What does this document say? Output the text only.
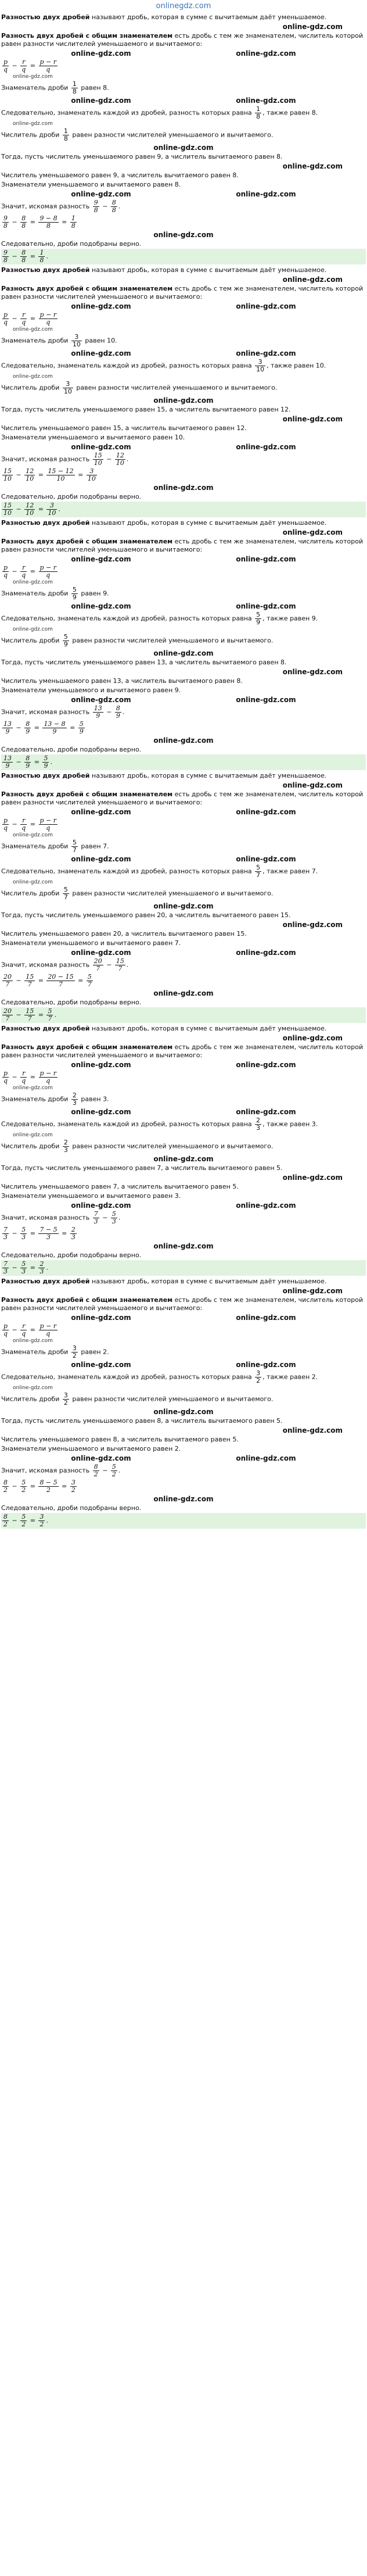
onlinegdz.com

Разностью двух дробей называют дробь, которая в сумме с вычитаемым даёт уменьшаемое.

online-gdz.com

Разность двух дробей с общим знаменателем есть дробь с тем же знаменателем, числитель которой равен разности числителей уменьшаемого и вычитаемого:

online-gdz.com	online-gdz.com
$\frac{p}{q} - \frac{r}{q} = \frac{p - r}{q}$
online-gdz.com

Знаменатель дроби $\frac{1}{8}$ равен 8.

online-gdz.com	online-gdz.com

Следовательно, знаменатель каждой из дробей, разность которых равна $\frac{1}{8}$ , также равен 8.

online-gdz.com

Числитель дроби $\frac{1}{8}$ равен разности числителей уменьшаемого и вычитаемого.

online-gdz.com

Тогда, пусть числитель уменьшаемого равен 9, а числитель вычитаемого равен 8.

online-gdz.com

Числитель уменьшаемого равен 9, а числитель вычитаемого равен 8.

Знаменатели уменьшаемого и вычитаемого равен 8.

online-gdz.com	online-gdz.com
Значит, искомая разность $\frac{9}{8} - \frac{8}{8}$ .
$\frac{9}{8} - \frac{8}{8} = \frac{9 - 8}{8} = \frac{1}{8}$
online-gdz.com

Следовательно, дроби подобраны верно.

$\frac{9}{8} - \frac{8}{8} = \frac{1}{8}$ .

Разностью двух дробей называют дробь, которая в сумме с вычитаемым даёт уменьшаемое.

online-gdz.com

Разность двух дробей с общим знаменателем есть дробь с тем же знаменателем, числитель которой равен разности числителей уменьшаемого и вычитаемого:

online-gdz.com	online-gdz.com
$\frac{p}{q} - \frac{r}{q} = \frac{p - r}{q}$
online-gdz.com

Знаменатель дроби $\frac{3}{10}$ равен 10.

online-gdz.com	online-gdz.com

Следовательно, знаменатель каждой из дробей, разность которых равна $\frac{3}{10}$ , также равен 10.

online-gdz.com

Числитель дроби $\frac{3}{10}$ равен разности числителей уменьшаемого и вычитаемого.

online-gdz.com

Тогда, пусть числитель уменьшаемого равен 15, а числитель вычитаемого равен 12.

online-gdz.com

Числитель уменьшаемого равен 15, а числитель вычитаемого равен 12.

Знаменатели уменьшаемого и вычитаемого равен 10.

online-gdz.com	online-gdz.com
Значит, искомая разность $\frac{15}{10} - \frac{12}{10}$ .
$\frac{15}{10} - \frac{12}{10} = \frac{15 - 12}{10} = \frac{3}{10}$
online-gdz.com

Следовательно, дроби подобраны верно.

$\frac{15}{10} - \frac{12}{10} = \frac{3}{10}$ .

Разностью двух дробей называют дробь, которая в сумме с вычитаемым даёт уменьшаемое.

online-gdz.com

Разность двух дробей с общим знаменателем есть дробь с тем же знаменателем, числитель которой равен разности числителей уменьшаемого и вычитаемого:

online-gdz.com	online-gdz.com
$\frac{p}{q} - \frac{r}{q} = \frac{p - r}{q}$
online-gdz.com

Знаменатель дроби $\frac{5}{9}$ равен 9.

online-gdz.com	online-gdz.com

Следовательно, знаменатель каждой из дробей, разность которых равна $\frac{5}{9}$ , также равен 9.

online-gdz.com

Числитель дроби $\frac{5}{9}$ равен разности числителей уменьшаемого и вычитаемого.

online-gdz.com

Тогда, пусть числитель уменьшаемого равен 13, а числитель вычитаемого равен 8.

online-gdz.com

Числитель уменьшаемого равен 13, а числитель вычитаемого равен 8.

Знаменатели уменьшаемого и вычитаемого равен 9.

online-gdz.com	online-gdz.com
Значит, искомая разность $\frac{13}{9} - \frac{8}{9}$ .
$\frac{13}{9} - \frac{8}{9} = \frac{13 - 8}{9} = \frac{5}{9}$
online-gdz.com

Следовательно, дроби подобраны верно.

$\frac{13}{9} - \frac{8}{9} = \frac{5}{9}$ .

Разностью двух дробей называют дробь, которая в сумме с вычитаемым даёт уменьшаемое.

online-gdz.com

Разность двух дробей с общим знаменателем есть дробь с тем же знаменателем, числитель которой равен разности числителей уменьшаемого и вычитаемого:

online-gdz.com	online-gdz.com
$\frac{p}{q} - \frac{r}{q} = \frac{p - r}{q}$
online-gdz.com

Знаменатель дроби $\frac{5}{7}$ равен 7.

online-gdz.com	online-gdz.com

Следовательно, знаменатель каждой из дробей, разность которых равна $\frac{5}{7}$ , также равен 7.

online-gdz.com

Числитель дроби $\frac{5}{7}$ равен разности числителей уменьшаемого и вычитаемого.

online-gdz.com

Тогда, пусть числитель уменьшаемого равен 20, а числитель вычитаемого равен 15.

online-gdz.com

Числитель уменьшаемого равен 20, а числитель вычитаемого равен 15.

Знаменатели уменьшаемого и вычитаемого равен 7.

online-gdz.com	online-gdz.com
Значит, искомая разность $\frac{20}{7} - \frac{15}{7}$ .
$\frac{20}{7} - \frac{15}{7} = \frac{20 - 15}{7} = \frac{5}{7}$
online-gdz.com

Следовательно, дроби подобраны верно.

$\frac{20}{7} - \frac{15}{7} = \frac{5}{7}$ .

Разностью двух дробей называют дробь, которая в сумме с вычитаемым даёт уменьшаемое.

online-gdz.com

Разность двух дробей с общим знаменателем есть дробь с тем же знаменателем, числитель которой равен разности числителей уменьшаемого и вычитаемого:

online-gdz.com	online-gdz.com
$\frac{p}{q} - \frac{r}{q} = \frac{p - r}{q}$
online-gdz.com

Знаменатель дроби $\frac{2}{3}$ равен 3.

online-gdz.com	online-gdz.com

Следовательно, знаменатель каждой из дробей, разность которых равна $\frac{2}{3}$ , также равен 3.

online-gdz.com

Числитель дроби $\frac{2}{3}$ равен разности числителей уменьшаемого и вычитаемого.

online-gdz.com

Тогда, пусть числитель уменьшаемого равен 7, а числитель вычитаемого равен 5.

online-gdz.com

Числитель уменьшаемого равен 7, а числитель вычитаемого равен 5.

Знаменатели уменьшаемого и вычитаемого равен 3.

online-gdz.com	online-gdz.com
Значит, искомая разность $\frac{7}{3} - \frac{5}{3}$ .
$\frac{7}{3} - \frac{5}{3} = \frac{7 - 5}{3} = \frac{2}{3}$
online-gdz.com

Следовательно, дроби подобраны верно.

$\frac{7}{3} - \frac{5}{3} = \frac{2}{3}$ .

Разностью двух дробей называют дробь, которая в сумме с вычитаемым даёт уменьшаемое.

online-gdz.com

Разность двух дробей с общим знаменателем есть дробь с тем же знаменателем, числитель которой равен разности числителей уменьшаемого и вычитаемого:

online-gdz.com	online-gdz.com
$\frac{p}{q} - \frac{r}{q} = \frac{p - r}{q}$
online-gdz.com

Знаменатель дроби $\frac{3}{2}$ равен 2.

online-gdz.com	online-gdz.com

Следовательно, знаменатель каждой из дробей, разность которых равна $\frac{3}{2}$ , также равен 2.

online-gdz.com

Числитель дроби $\frac{3}{2}$ равен разности числителей уменьшаемого и вычитаемого.

online-gdz.com

Тогда, пусть числитель уменьшаемого равен 8, а числитель вычитаемого равен 5.

online-gdz.com

Числитель уменьшаемого равен 8, а числитель вычитаемого равен 5.

Знаменатели уменьшаемого и вычитаемого равен 2.

online-gdz.com	online-gdz.com
Значит, искомая разность $\frac{8}{2} - \frac{5}{2}$ .
$\frac{8}{2} - \frac{5}{2} = \frac{8 - 5}{2} = \frac{3}{2}$
online-gdz.com

Следовательно, дроби подобраны верно.

$\frac{8}{2} - \frac{5}{2} = \frac{3}{2}$ .
